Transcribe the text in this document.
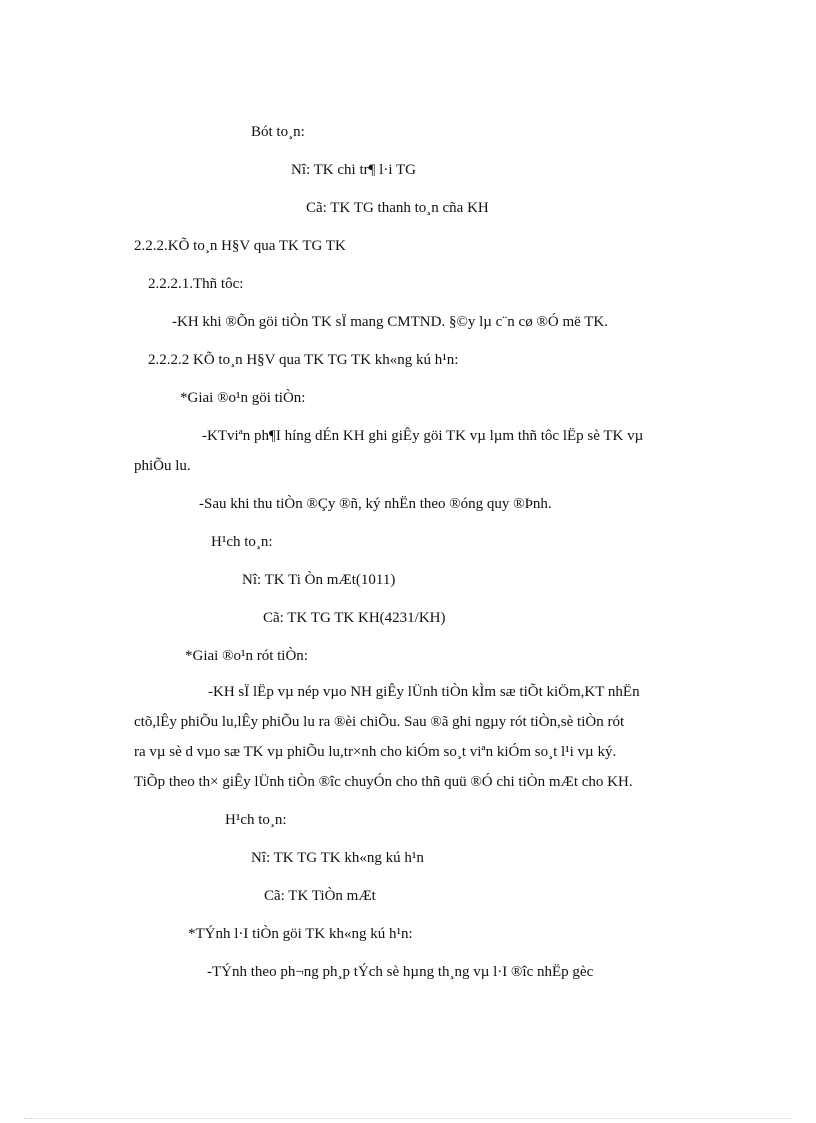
Bót to¸n:
Nî: TK chi tr¶ l·i TG
Cã: TK TG thanh to¸n cña KH
2.2.2.KÕ to¸n H§V qua TK TG TK
2.2.2.1.Thñ tôc:
-KH khi ®Õn göi tiÒn TK sÏ mang CMTND. §©y lµ c¨n cø ®Ó më TK.
2.2.2.2 KÕ to¸n H§V qua TK TG TK kh«ng kú h¹n:
*Giai ®o¹n göi tiÒn:
-KTviªn ph¶I híng dÉn KH ghi giÊy göi TK vµ lµm thñ tôc lËp sè TK vµ
phiÕu lu.
-Sau khi thu tiÒn ®Çy ®ñ, ký nhËn theo ®óng quy ®Þnh.
H¹ch to¸n:
Nî: TK Ti Òn mÆt(1011)
Cã: TK TG TK KH(4231/KH)
*Giai ®o¹n rót tiÒn:
-KH sÏ lËp vµ nép vµo NH giÊy lÜnh tiÒn kÌm sæ tiÕt kiÖm,KT nhËn
ctõ,lÊy phiÕu lu,lÊy phiÕu lu ra ®èi chiÕu. Sau ®ã ghi ngµy rót tiÒn,sè tiÒn rót
ra vµ sè d vµo sæ TK vµ phiÕu lu,tr×nh cho kiÓm so¸t viªn kiÓm so¸t l¹i vµ ký.
TiÕp theo th× giÊy lÜnh tiÒn ®îc chuyÓn cho thñ quü ®Ó chi tiÒn mÆt cho KH.
H¹ch to¸n:
Nî: TK TG TK kh«ng kú h¹n
Cã: TK TiÒn mÆt
*TÝnh l·I tiÒn göi TK kh«ng kú h¹n:
-TÝnh theo ph¬ng ph¸p tÝch sè hµng th¸ng vµ l·I ®îc nhËp gèc
